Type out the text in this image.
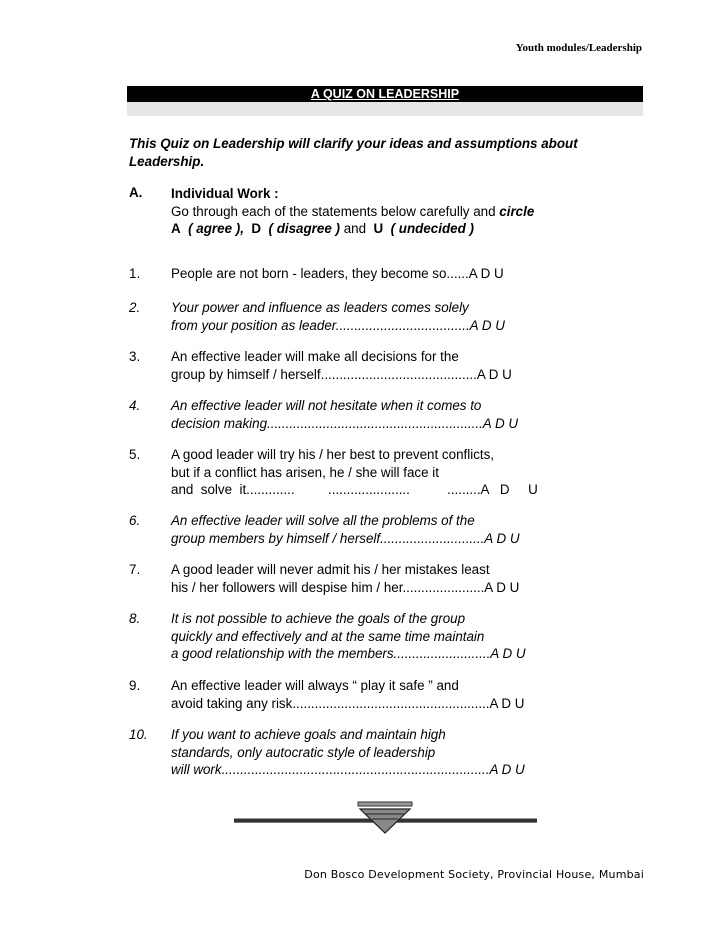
Youth modules/Leadership
A QUIZ ON LEADERSHIP
This Quiz on Leadership will clarify your ideas and assumptions about Leadership.
A. Individual Work :
Go through each of the statements below carefully and circle
A ( agree ), D ( disagree ) and U ( undecided )
1. People are not born - leaders, they become so......A D U
2. Your power and influence as leaders comes solely
from your position as leader....................................A D U
3. An effective leader will make all decisions for the
group by himself / herself..........................................A D U
4. An effective leader will not hesitate when it comes to
decision making..........................................................A D U
5. A good leader will try his / her best to prevent conflicts,
but if a conflict has arisen, he / she will face it
and  solve  it.............         ......................          .........A   D     U
6. An effective leader will solve all the problems of the
group members by himself / herself............................A D U
7. A good leader will never admit his / her mistakes least
his / her followers will despise him / her......................A D U
8. It is not possible to achieve the goals of the group
quickly and effectively and at the same time maintain
a good relationship with the members..........................A D U
9. An effective leader will always “ play it safe ” and
avoid taking any risk.....................................................A D U
10. If you want to achieve goals and maintain high
standards, only autocratic style of leadership
will work........................................................................A D U
Don Bosco Development Society, Provincial House, Mumbai
